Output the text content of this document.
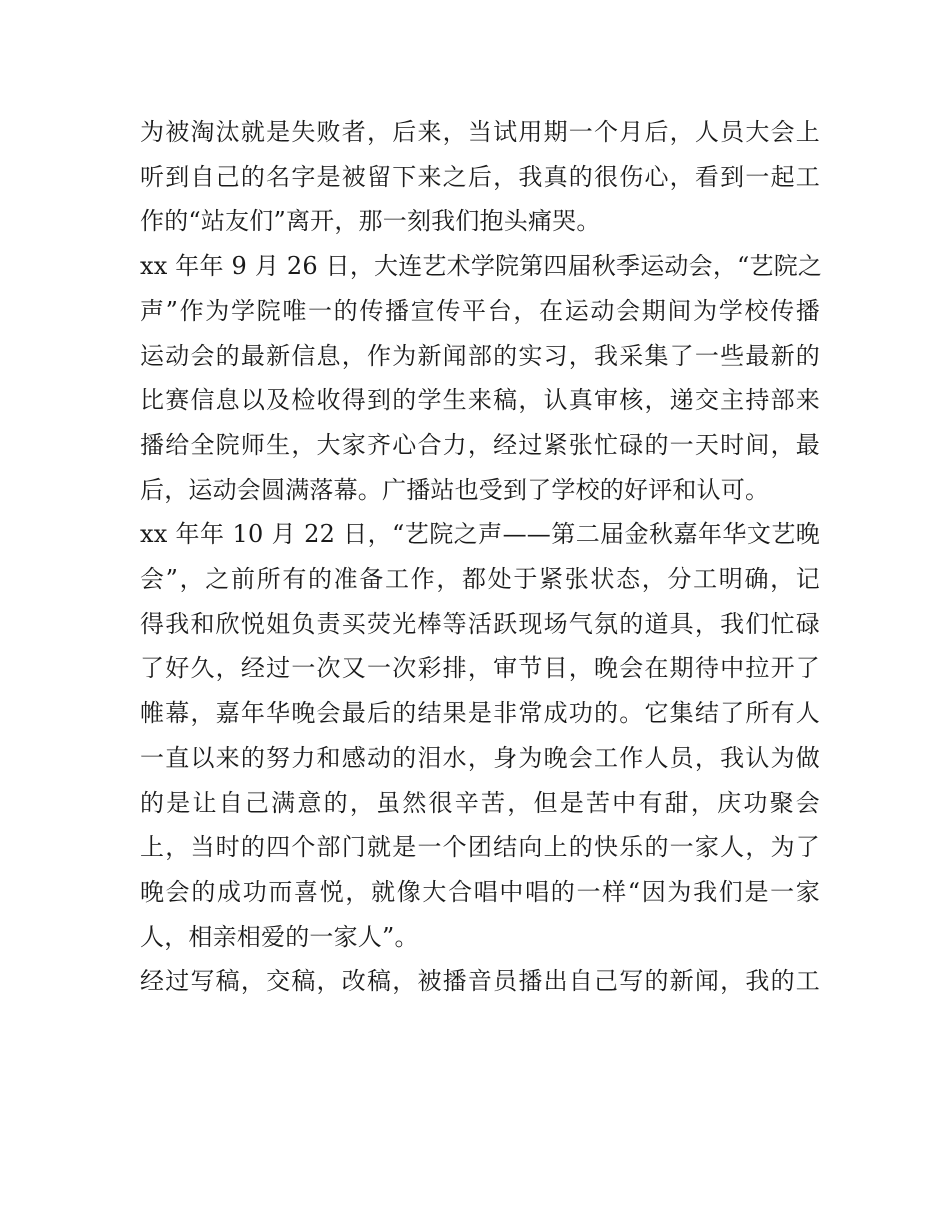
为被淘汰就是失败者，后来，当试用期一个月后，人员大会上
听到自己的名字是被留下来之后，我真的很伤心，看到一起工
作的“站友们”离开，那一刻我们抱头痛哭。
xx 年年 9 月 26 日，大连艺术学院第四届秋季运动会，“艺院之
声”作为学院唯一的传播宣传平台，在运动会期间为学校传播
运动会的最新信息，作为新闻部的实习，我采集了一些最新的
比赛信息以及检收得到的学生来稿，认真审核，递交主持部来
播给全院师生，大家齐心合力，经过紧张忙碌的一天时间，最
后，运动会圆满落幕。广播站也受到了学校的好评和认可。
xx 年年 10 月 22 日，“艺院之声——第二届金秋嘉年华文艺晚
会”，之前所有的准备工作，都处于紧张状态，分工明确，记
得我和欣悦姐负责买荧光棒等活跃现场气氛的道具，我们忙碌
了好久，经过一次又一次彩排，审节目，晚会在期待中拉开了
帷幕，嘉年华晚会最后的结果是非常成功的。它集结了所有人
一直以来的努力和感动的泪水，身为晚会工作人员，我认为做
的是让自己满意的，虽然很辛苦，但是苦中有甜，庆功聚会
上，当时的四个部门就是一个团结向上的快乐的一家人，为了
晚会的成功而喜悦，就像大合唱中唱的一样“因为我们是一家
人，相亲相爱的一家人”。
经过写稿，交稿，改稿，被播音员播出自己写的新闻，我的工
